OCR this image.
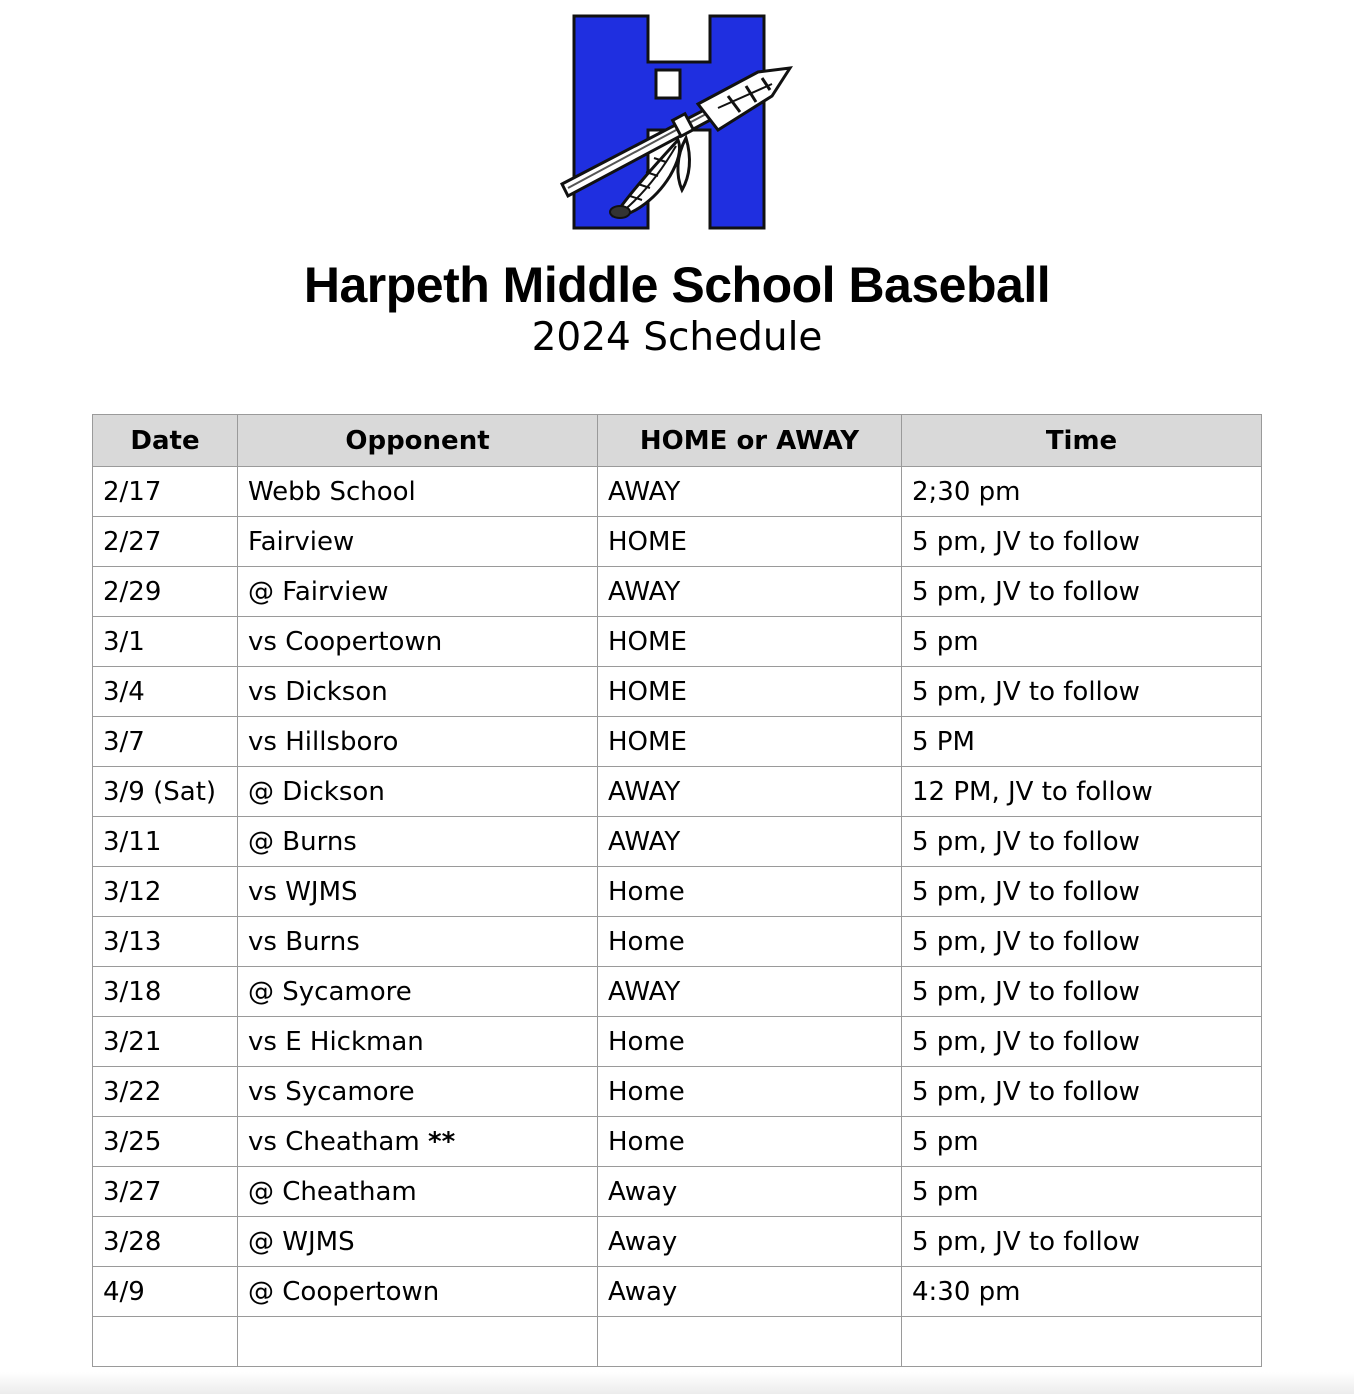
Harpeth Middle School Baseball
2024 Schedule
Date	Opponent	HOME or AWAY	Time
2/17	Webb School	AWAY	2;30 pm
2/27	Fairview	HOME	5 pm, JV to follow
2/29	@ Fairview	AWAY	5 pm, JV to follow
3/1	vs Coopertown	HOME	5 pm
3/4	vs Dickson	HOME	5 pm, JV to follow
3/7	vs Hillsboro	HOME	5 PM
3/9 (Sat)	@ Dickson	AWAY	12 PM, JV to follow
3/11	@ Burns	AWAY	5 pm, JV to follow
3/12	vs WJMS	Home	5 pm, JV to follow
3/13	vs Burns	Home	5 pm, JV to follow
3/18	@ Sycamore	AWAY	5 pm, JV to follow
3/21	vs E Hickman	Home	5 pm, JV to follow
3/22	vs Sycamore	Home	5 pm, JV to follow
3/25	vs Cheatham **	Home	5 pm
3/27	@ Cheatham	Away	5 pm
3/28	@ WJMS	Away	5 pm, JV to follow
4/9	@ Coopertown	Away	4:30 pm
